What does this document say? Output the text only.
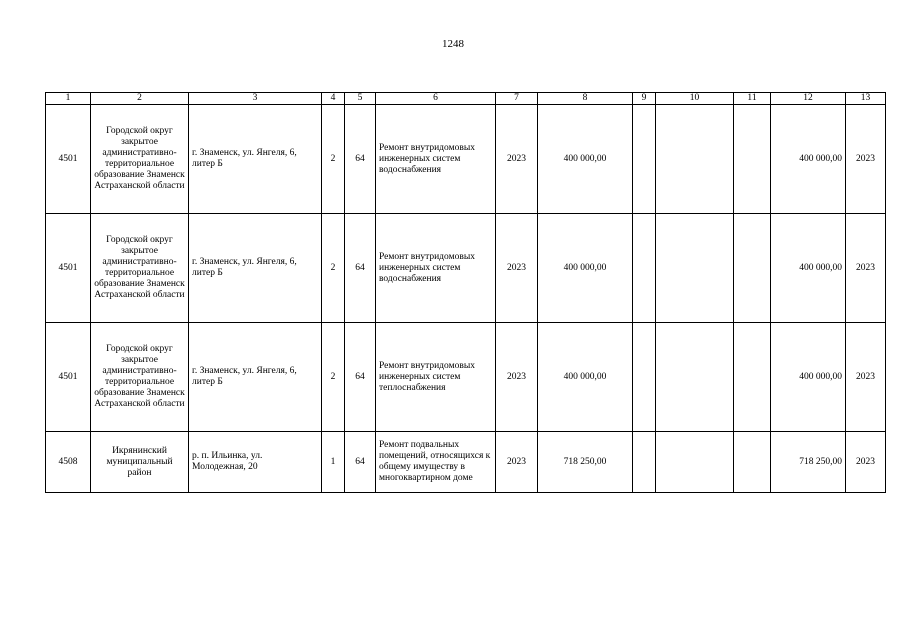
1248
1	2	3	4	5	6	7	8	9	10	11	12	13
4501	Городской округ закрытое административно-территориальное образование Знаменск Астраханской области	г. Знаменск, ул. Янгеля, 6, литер Б	2	64	Ремонт внутридомовых инженерных систем водоснабжения	2023	400 000,00				400 000,00	2023
4501	Городской округ закрытое административно-территориальное образование Знаменск Астраханской области	г. Знаменск, ул. Янгеля, 6, литер Б	2	64	Ремонт внутридомовых инженерных систем водоснабжения	2023	400 000,00				400 000,00	2023
4501	Городской округ закрытое административно-территориальное образование Знаменск Астраханской области	г. Знаменск, ул. Янгеля, 6, литер Б	2	64	Ремонт внутридомовых инженерных систем теплоснабжения	2023	400 000,00				400 000,00	2023
4508	Икрянинский муниципальный район	р. п. Ильинка, ул. Молодежная, 20	1	64	Ремонт подвальных помещений, относящихся к общему имуществу в многоквартирном доме	2023	718 250,00				718 250,00	2023
